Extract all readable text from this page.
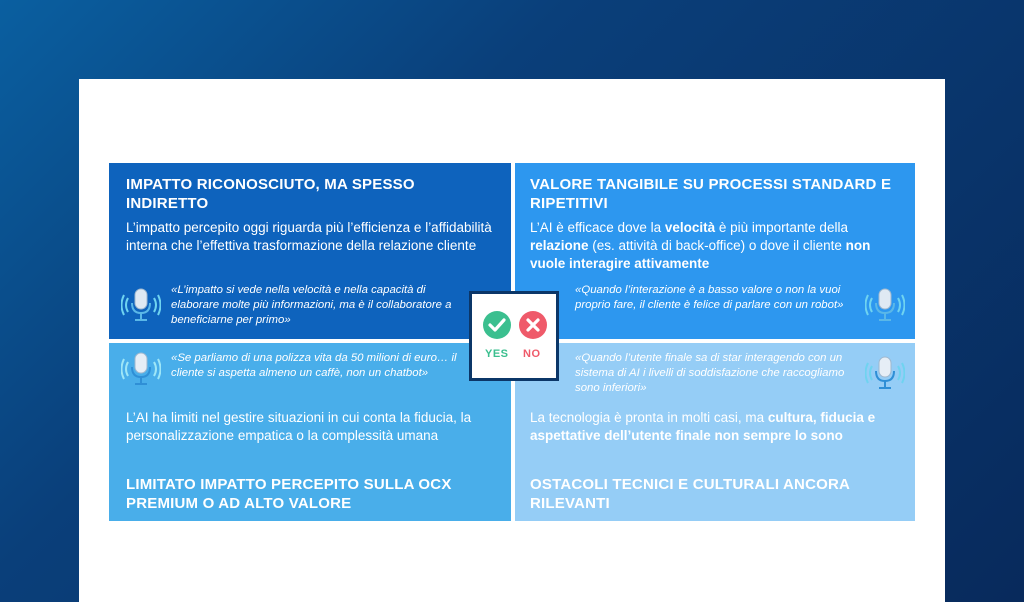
IMPATTO RICONOSCIUTO, MA SPESSO INDIRETTO
L’impatto percepito oggi riguarda più l’efficienza e l’affidabilità interna che l’effettiva trasformazione della relazione cliente
«L’impatto si vede nella velocità e nella capacità di elaborare molte più informazioni, ma è il collaboratore a beneficiarne per primo»
VALORE TANGIBILE SU PROCESSI STANDARD E RIPETITIVI
L’AI è efficace dove la velocità è più importante della relazione (es. attività di back-office) o dove il cliente non vuole interagire attivamente
«Quando l’interazione è a basso valore o non la vuoi proprio fare, il cliente è felice di parlare con un robot»
«Se parliamo di una polizza vita da 50 milioni di euro… il cliente si aspetta almeno un caffè, non un chatbot»
L’AI ha limiti nel gestire situazioni in cui conta la fiducia, la personalizzazione empatica o la complessità umana
LIMITATO IMPATTO PERCEPITO SULLA OCX PREMIUM O AD ALTO VALORE
«Quando l’utente finale sa di star interagendo con un sistema di AI i livelli di soddisfazione che raccogliamo sono inferiori»
La tecnologia è pronta in molti casi, ma cultura, fiducia e aspettative dell’utente finale non sempre lo sono
OSTACOLI TECNICI E CULTURALI ANCORA RILEVANTI
YES NO
